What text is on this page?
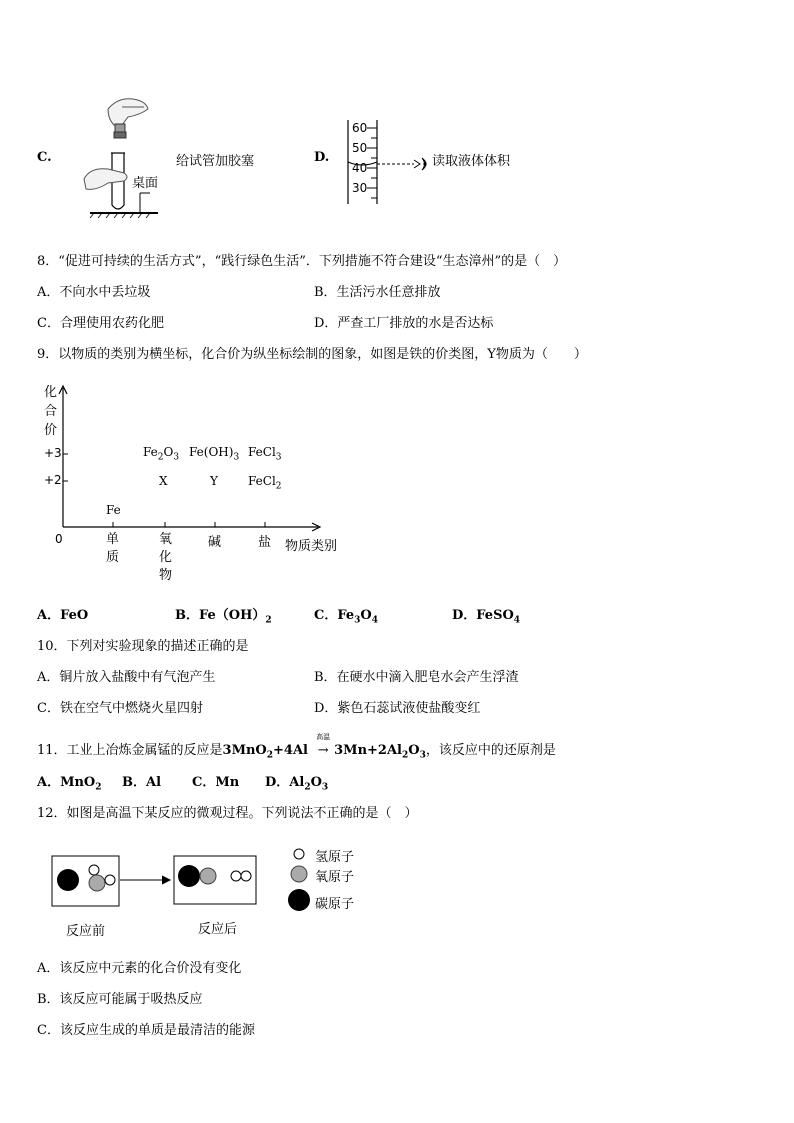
C.
桌面
给试管加胶塞	D.
60
50
40
30
读取液体体积
8．“促进可持续的生活方式”，“践行绿色生活”．下列措施不符合建设“生态漳州”的是（　）
A．不向水中丢垃圾	B．生活污水任意排放
C．合理使用农药化肥	D．严查工厂排放的水是否达标
9．以物质的类别为横坐标，化合价为纵坐标绘制的图象，如图是铁的价类图，Y物质为（　　）
化
合
价
+3
+2
0	单
质
氧
化
物
碱	盐 物质类别
Fe
$Fe_2O_3$ $Fe(OH)_3$ FeCl$_3$
X	Y	FeCl$_2$
A．FeO	B．$Fe(OH)_2$	C．$Fe_3O_4$	D．FeSO$_4$
10．下列对实验现象的描述正确的是
A．铜片放入盐酸中有气泡产生	B．在硬水中滴入肥皂水会产生浮渣
C．铁在空气中燃烧火星四射	D．紫色石蕊试液使盐酸变红
11．工业上冶炼金属锰的反应是3MnO$_2$+4Al
高温
→ $3Mn+2Al_2O_3$，该反应中的还原剂是
A．MnO$_2$ B．Al C．Mn D．$Al_2O_3$
12．如图是高温下某反应的微观过程。下列说法不正确的是（　）
反应前	反应后
氢原子
氧原子
碳原子
A．该反应中元素的化合价没有变化
B．该反应可能属于吸热反应
C．该反应生成的单质是最清洁的能源
